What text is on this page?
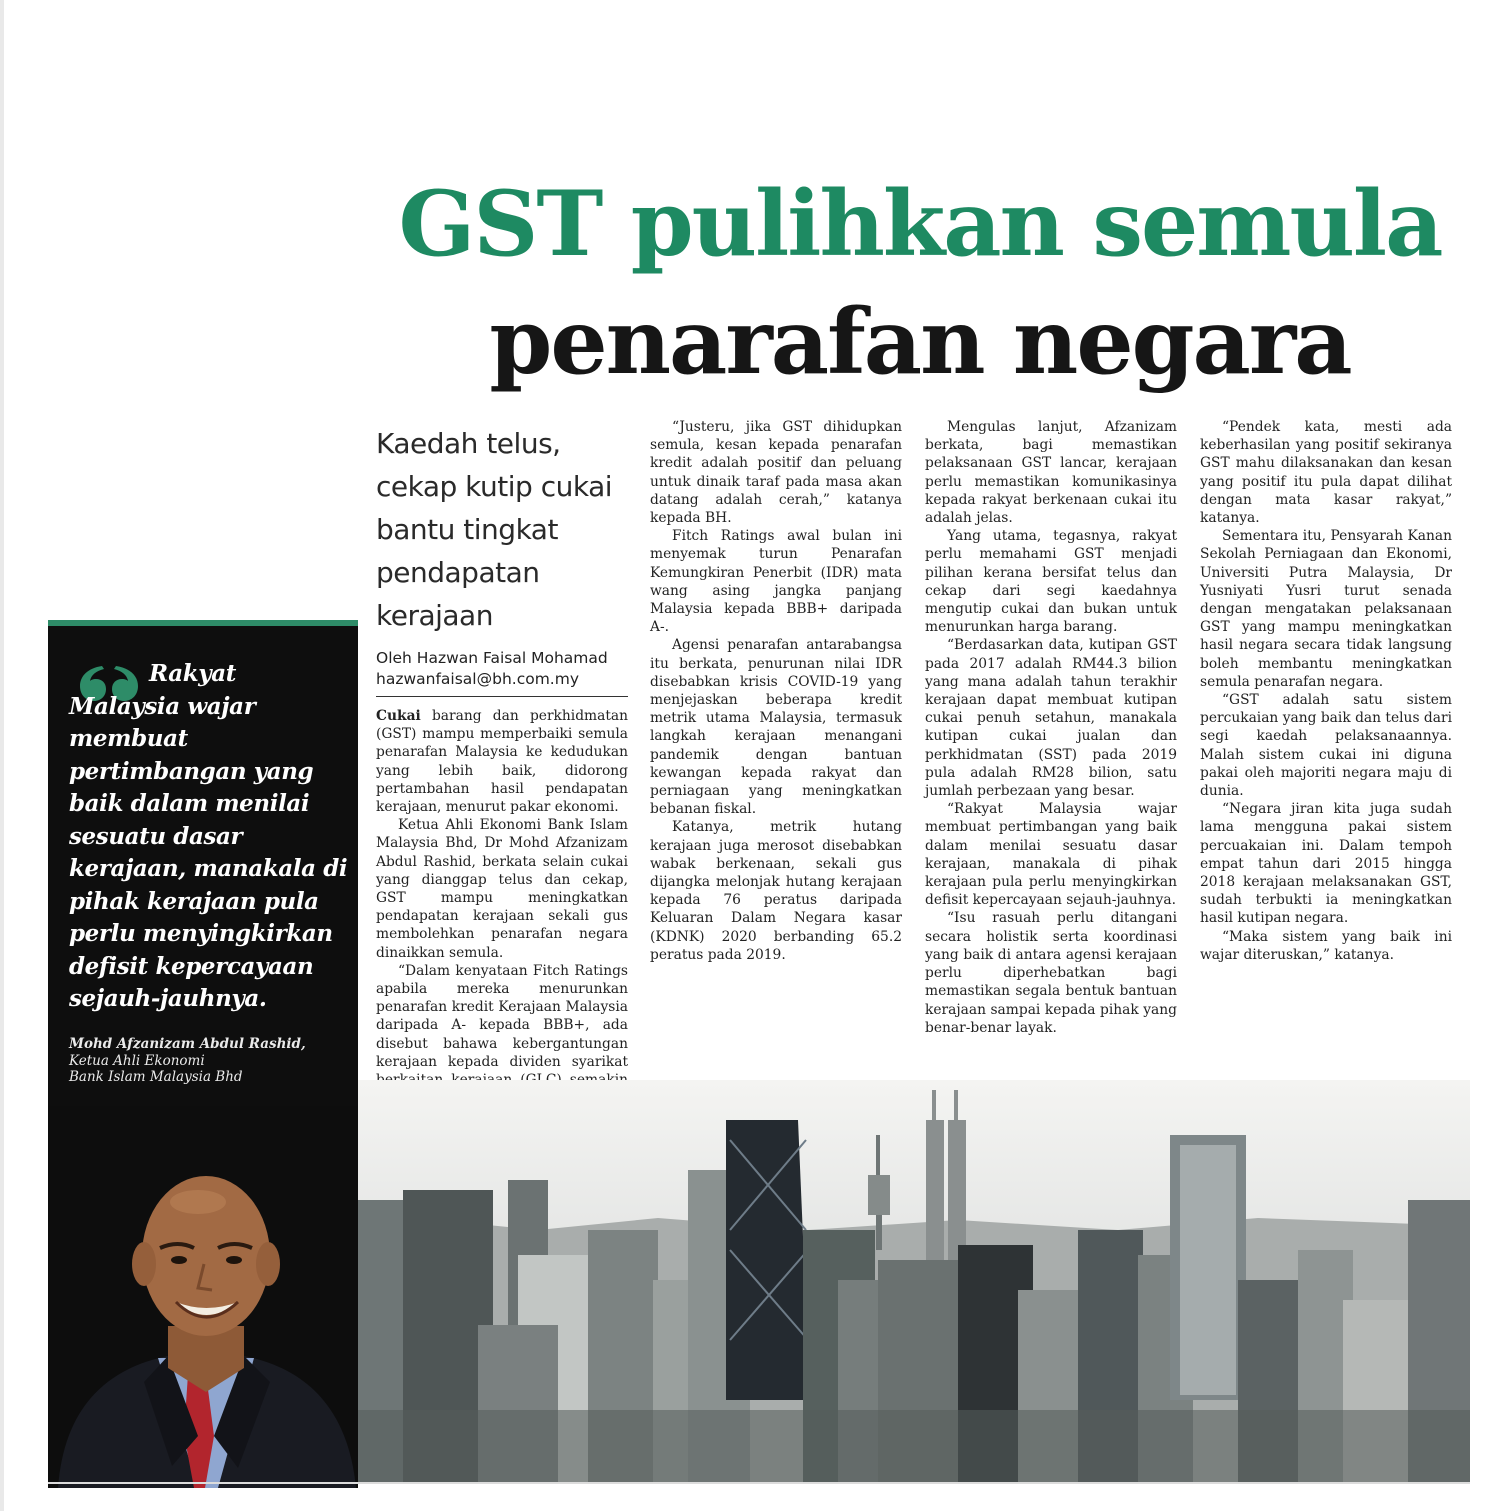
GST pulihkan semula
penarafan negara

Kaedah telus, cekap kutip cukai bantu tingkat pendapatan kerajaan

Oleh Hazwan Faisal Mohamad
hazwanfaisal@bh.com.my

Cukai barang dan perkhidmatan (GST) mampu memperbaiki semula penarafan Malaysia ke kedudukan yang lebih baik, didorong pertambahan hasil pendapatan kerajaan, menurut pakar ekonomi.

Ketua Ahli Ekonomi Bank Islam Malaysia Bhd, Dr Mohd Afzanizam Abdul Rashid, berkata selain cukai yang dianggap telus dan cekap, GST mampu meningkatkan pendapatan kerajaan sekali gus membolehkan penarafan negara dinaikkan semula.

“Dalam kenyataan Fitch Ratings apabila mereka menurunkan penarafan kredit Kerajaan Malaysia daripada A- kepada BBB+, ada disebut bahawa kebergantungan kerajaan kepada dividen syarikat

“Justeru, jika GST dihidupkan semula, kesan kepada penarafan kredit adalah positif dan peluang untuk dinaik taraf pada masa akan datang adalah cerah,” katanya kepada BH.

Fitch Ratings awal bulan ini menyemak turun Penarafan Kemungkiran Penerbit (IDR) mata wang asing jangka panjang Malaysia kepada BBB+ daripada A-.

Agensi penarafan antarabangsa itu berkata, penurunan nilai IDR disebabkan krisis COVID-19 yang menjejaskan beberapa kredit metrik utama Malaysia, termasuk langkah kerajaan menangani pandemik dengan bantuan kewangan kepada rakyat dan perniagaan yang meningkatkan bebanan fiskal.

Katanya, metrik hutang kerajaan juga merosot disebabkan wabak berkenaan, sekali gus dijangka melonjak hutang kerajaan kepada 76 peratus daripada Keluaran Dalam Negara kasar (KDNK) 2020 berbanding 65.2 peratus pada 2019.

Mengulas lanjut, Afzanizam berkata, bagi memastikan pelaksanaan GST lancar, kerajaan perlu memastikan komunikasinya kepada rakyat berkenaan cukai itu adalah jelas.

Yang utama, tegasnya, rakyat perlu memahami GST menjadi pilihan kerana bersifat telus dan cekap dari segi kaedahnya mengutip cukai dan bukan untuk menurunkan harga barang.

“Berdasarkan data, kutipan GST pada 2017 adalah RM44.3 bilion yang mana adalah tahun terakhir kerajaan dapat membuat kutipan cukai penuh setahun, manakala kutipan cukai jualan dan perkhidmatan (SST) pada 2019 pula adalah RM28 bilion, satu jumlah perbezaan yang besar.

“Rakyat Malaysia wajar membuat pertimbangan yang baik dalam menilai sesuatu dasar kerajaan, manakala di pihak kerajaan pula perlu menyingkirkan defisit kepercayaan sejauh-jauhnya.

“Isu rasuah perlu ditangani secara holistik serta koordinasi yang baik di antara agensi kerajaan perlu diperhebatkan bagi memastikan segala bentuk bantuan kerajaan sampai kepada pihak yang benar-benar layak.

“Pendek kata, mesti ada keberhasilan yang positif sekiranya GST mahu dilaksanakan dan kesan yang positif itu pula dapat dilihat dengan mata kasar rakyat,” katanya.

Sementara itu, Pensyarah Kanan Sekolah Perniagaan dan Ekonomi, Universiti Putra Malaysia, Dr Yusniyati Yusri turut senada dengan mengatakan pelaksanaan GST yang mampu meningkatkan hasil negara secara tidak langsung boleh membantu meningkatkan semula penarafan negara.

“GST adalah satu sistem percukaian yang baik dan telus dari segi kaedah pelaksanaannya. Malah sistem cukai ini diguna pakai oleh majoriti negara maju di dunia.

“Negara jiran kita juga sudah lama mengguna pakai sistem percuakaian ini. Dalam tempoh empat tahun dari 2015 hingga 2018 kerajaan melaksanakan GST, sudah terbukti ia meningkatkan hasil kutipan negara.

“Maka sistem yang baik ini wajar diteruskan,” katanya.

Rakyat Malaysia wajar membuat pertimbangan yang baik dalam menilai sesuatu dasar kerajaan, manakala di pihak kerajaan pula perlu menyingkirkan defisit kepercayaan sejauh-jauhnya.

Mohd Afzanizam Abdul Rashid,
Ketua Ahli Ekonomi
Bank Islam Malaysia Bhd
